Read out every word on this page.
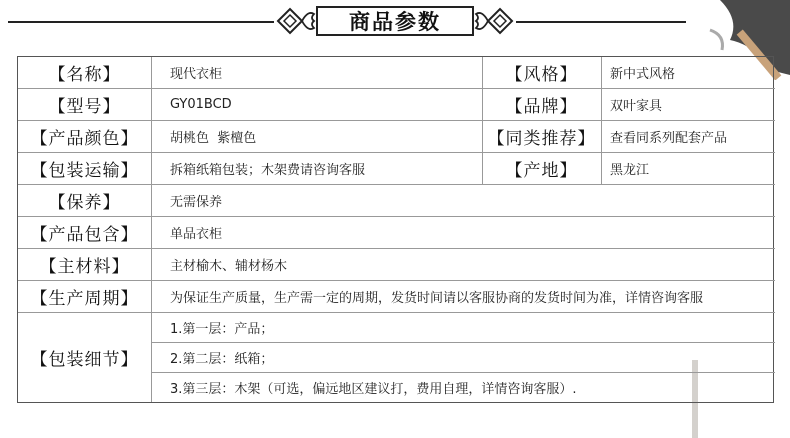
商品参数
【名称】	现代衣柜	【风格】	新中式风格
【型号】	GY01BCD	【品牌】	双叶家具
【产品颜色】	胡桃色  紫檀色	【同类推荐】	查看同系列配套产品
【包装运输】	拆箱纸箱包装；木架费请咨询客服	【产地】	黑龙江
【保养】	无需保养
【产品包含】	单品衣柜
【主材料】	主材榆木、辅材杨木
【生产周期】	为保证生产质量，生产需一定的周期，发货时间请以客服协商的发货时间为准，详情咨询客服
【包装细节】
1.第一层：产品；
2.第二层：纸箱；
3.第三层：木架（可选，偏远地区建议打，费用自理，详情咨询客服）.
